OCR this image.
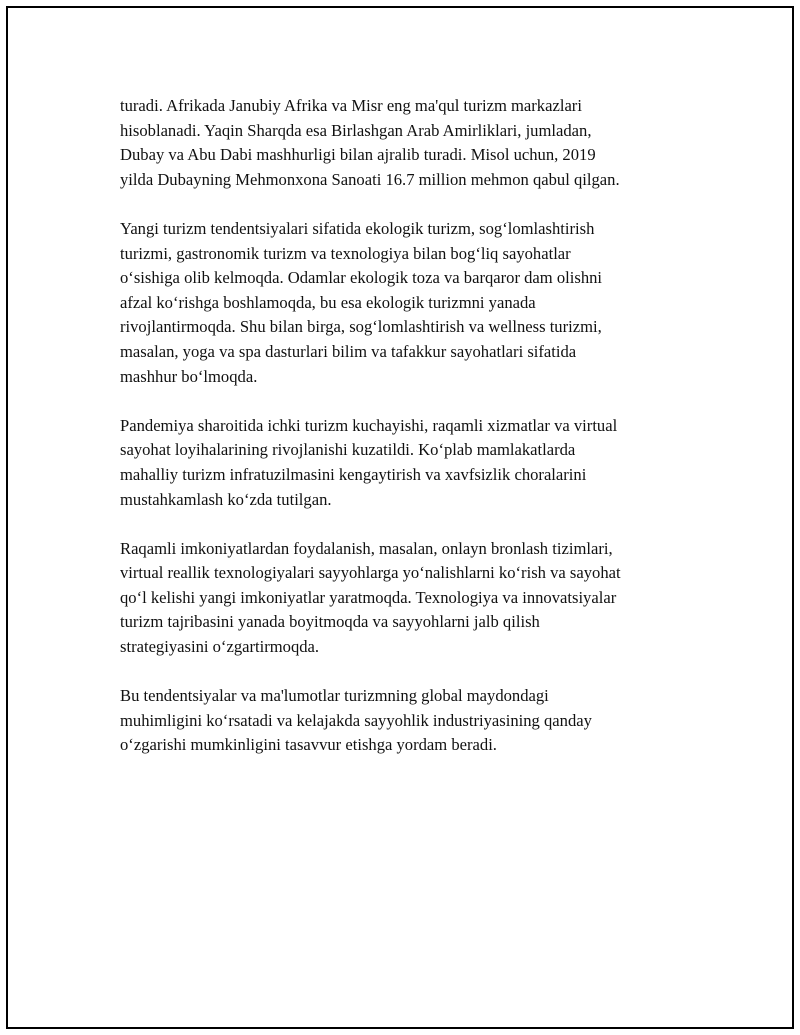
turadi. Afrikada Janubiy Afrika va Misr eng ma'qul turizm markazlari
hisoblanadi. Yaqin Sharqda esa Birlashgan Arab Amirliklari, jumladan,
Dubay va Abu Dabi mashhurligi bilan ajralib turadi. Misol uchun, 2019
yilda Dubayning Mehmonxona Sanoati 16.7 million mehmon qabul qilgan.

Yangi turizm tendentsiyalari sifatida ekologik turizm, sog‘lomlashtirish
turizmi, gastronomik turizm va texnologiya bilan bog‘liq sayohatlar
o‘sishiga olib kelmoqda. Odamlar ekologik toza va barqaror dam olishni
afzal ko‘rishga boshlamoqda, bu esa ekologik turizmni yanada
rivojlantirmoqda. Shu bilan birga, sog‘lomlashtirish va wellness turizmi,
masalan, yoga va spa dasturlari bilim va tafakkur sayohatlari sifatida
mashhur bo‘lmoqda.

Pandemiya sharoitida ichki turizm kuchayishi, raqamli xizmatlar va virtual
sayohat loyihalarining rivojlanishi kuzatildi. Ko‘plab mamlakatlarda
mahalliy turizm infratuzilmasini kengaytirish va xavfsizlik choralarini
mustahkamlash ko‘zda tutilgan.

Raqamli imkoniyatlardan foydalanish, masalan, onlayn bronlash tizimlari,
virtual reallik texnologiyalari sayyohlarga yo‘nalishlarni ko‘rish va sayohat
qo‘l kelishi yangi imkoniyatlar yaratmoqda. Texnologiya va innovatsiyalar
turizm tajribasini yanada boyitmoqda va sayyohlarni jalb qilish
strategiyasini o‘zgartirmoqda.

Bu tendentsiyalar va ma'lumotlar turizmning global maydondagi
muhimligini ko‘rsatadi va kelajakda sayyohlik industriyasining qanday
o‘zgarishi mumkinligini tasavvur etishga yordam beradi.
